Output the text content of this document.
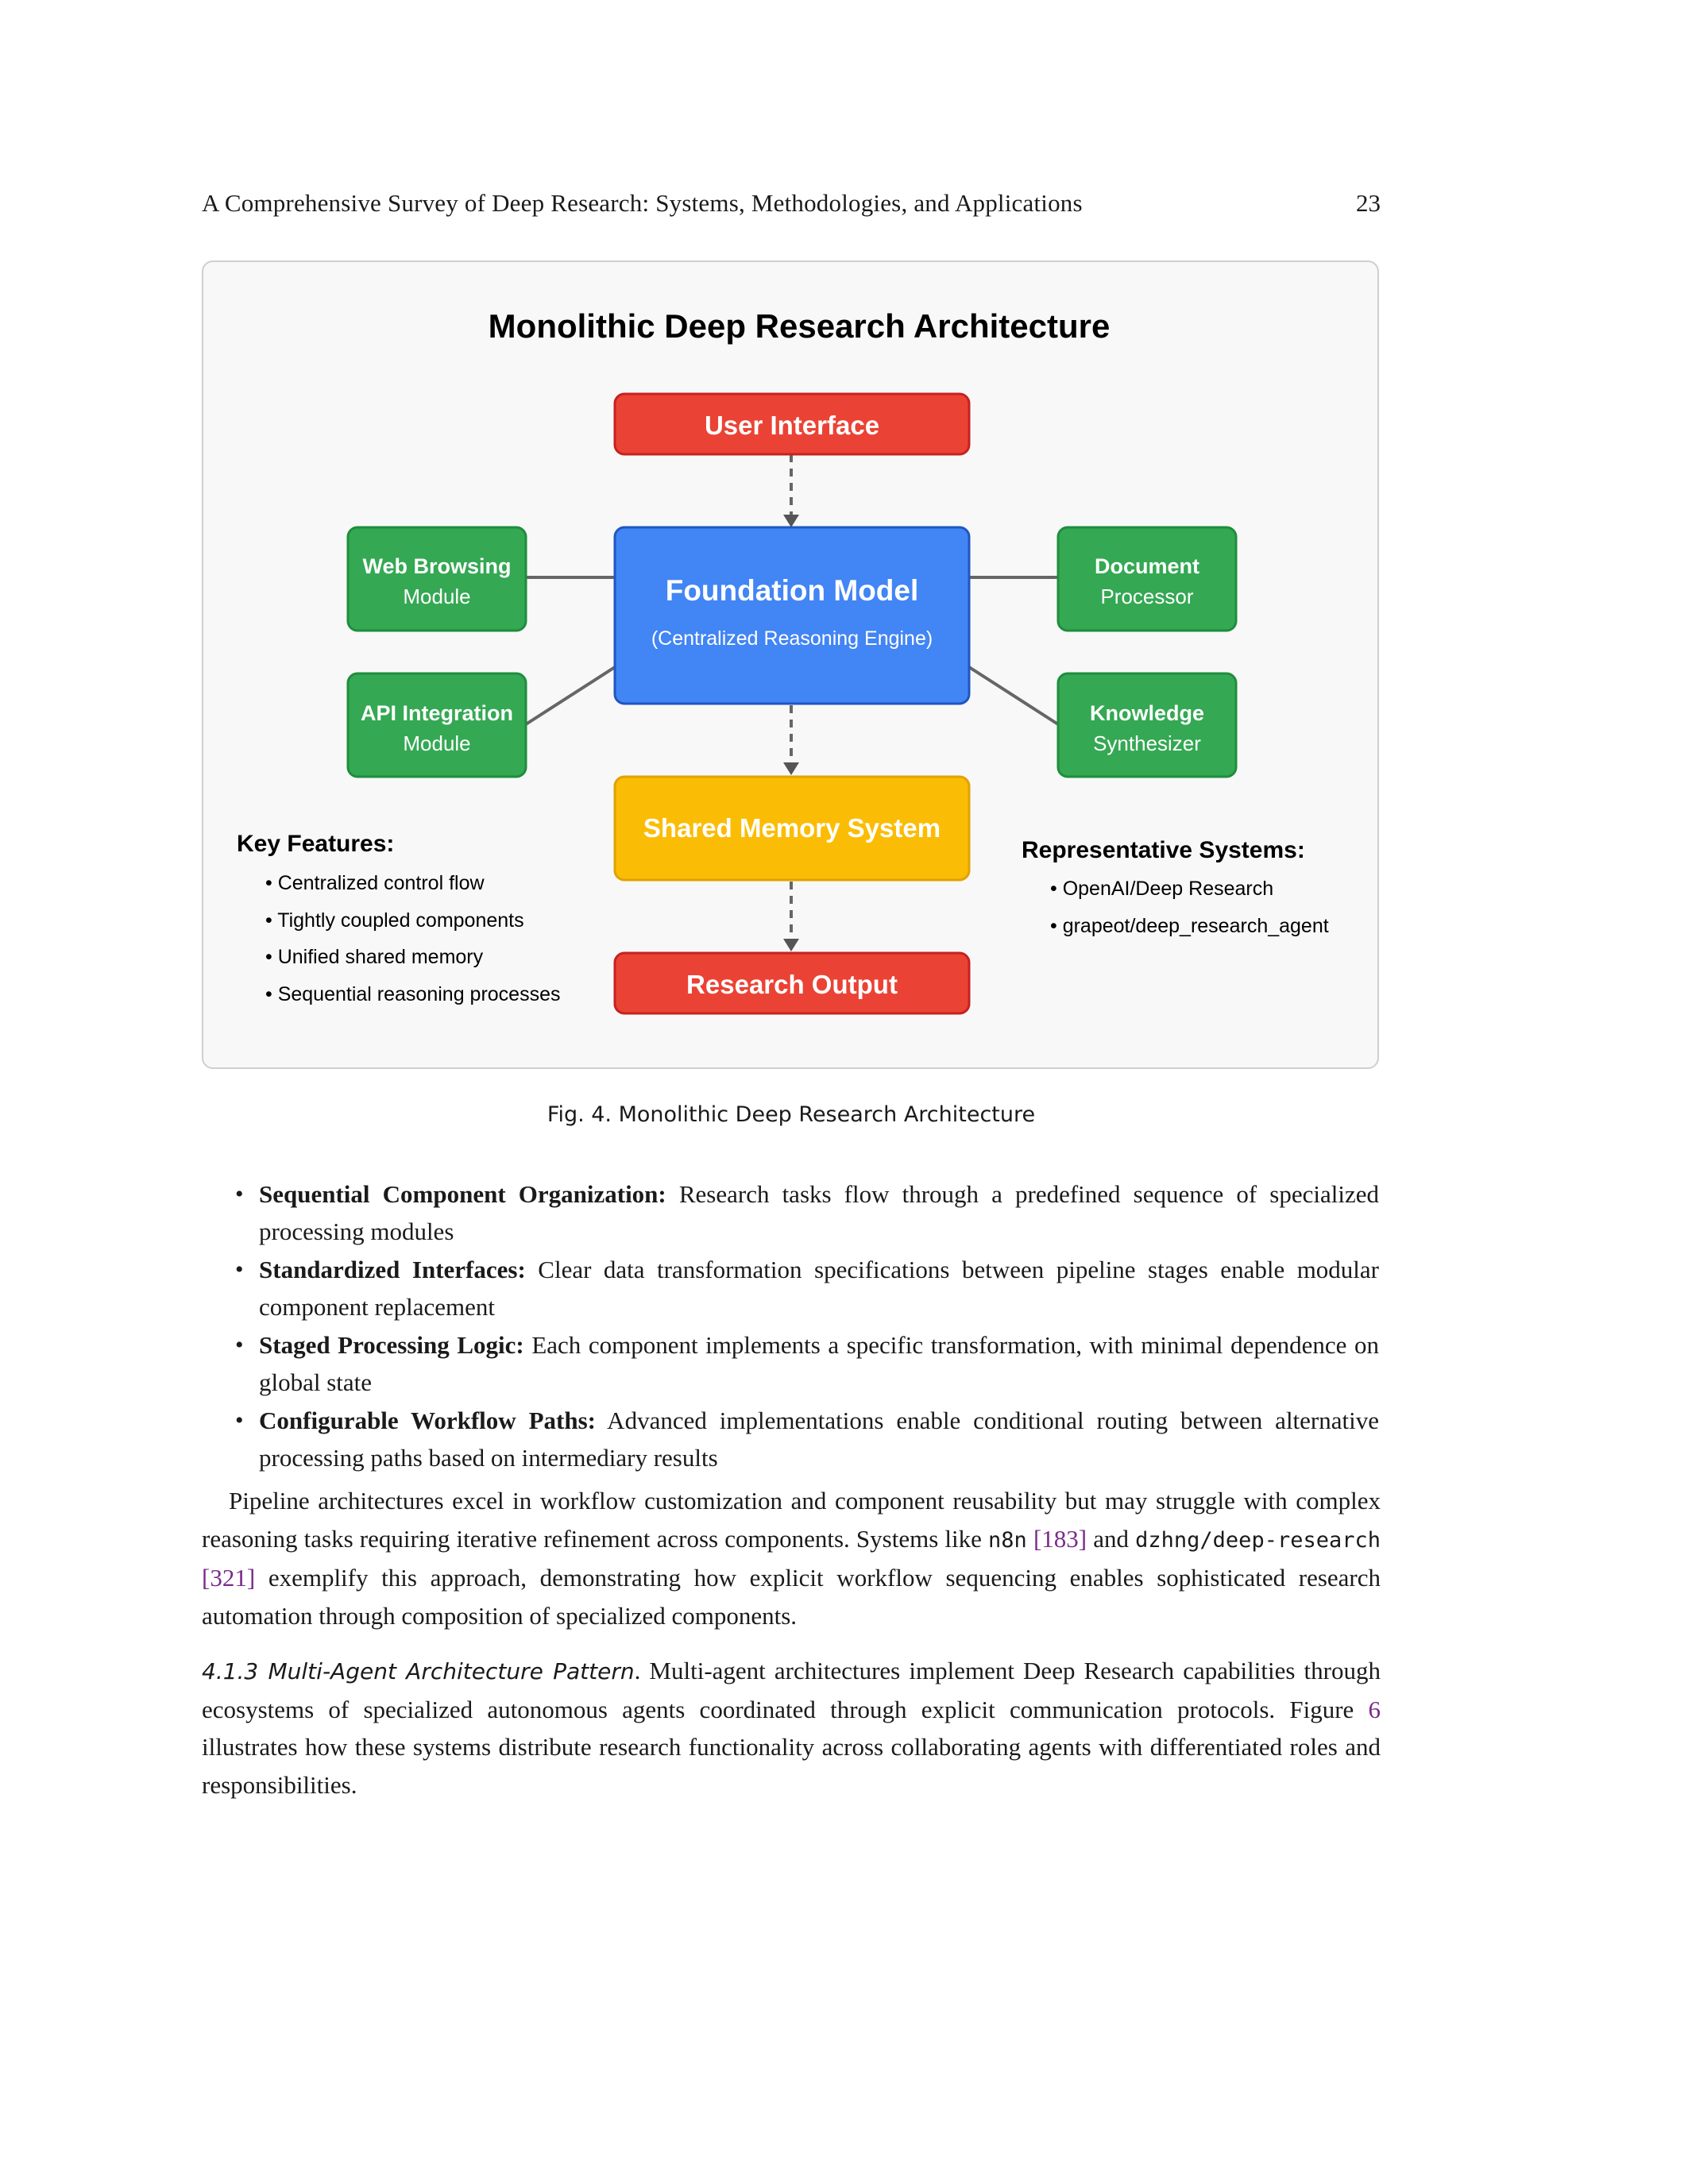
A Comprehensive Survey of Deep Research: Systems, Methodologies, and Applications	23
Monolithic Deep Research Architecture
User Interface
Foundation Model
(Centralized Reasoning Engine)
Shared Memory System
Research Output
Web Browsing
Module
API Integration
Module
Document
Processor
Knowledge
Synthesizer
Key Features:
• Centralized control flow
• Tightly coupled components
• Unified shared memory
• Sequential reasoning processes
Representative Systems:
• OpenAI/Deep Research
• grapeot/deep_research_agent
Fig. 4. Monolithic Deep Research Architecture
• Sequential Component Organization: Research tasks flow through a predefined sequence of specialized processing modules
• Standardized Interfaces: Clear data transformation specifications between pipeline stages enable modular component replacement
• Staged Processing Logic: Each component implements a specific transformation, with minimal dependence on global state
• Configurable Workflow Paths: Advanced implementations enable conditional routing between alternative processing paths based on intermediary results

Pipeline architectures excel in workflow customization and component reusability but may struggle with complex reasoning tasks requiring iterative refinement across components. Systems like n8n [183] and dzhng/deep-research [321] exemplify this approach, demonstrating how explicit workflow sequencing enables sophisticated research automation through composition of specialized components.

4.1.3 Multi-Agent Architecture Pattern. Multi-agent architectures implement Deep Research capabilities through ecosystems of specialized autonomous agents coordinated through explicit communication protocols. Figure 6 illustrates how these systems distribute research functionality across collaborating agents with differentiated roles and responsibilities.
